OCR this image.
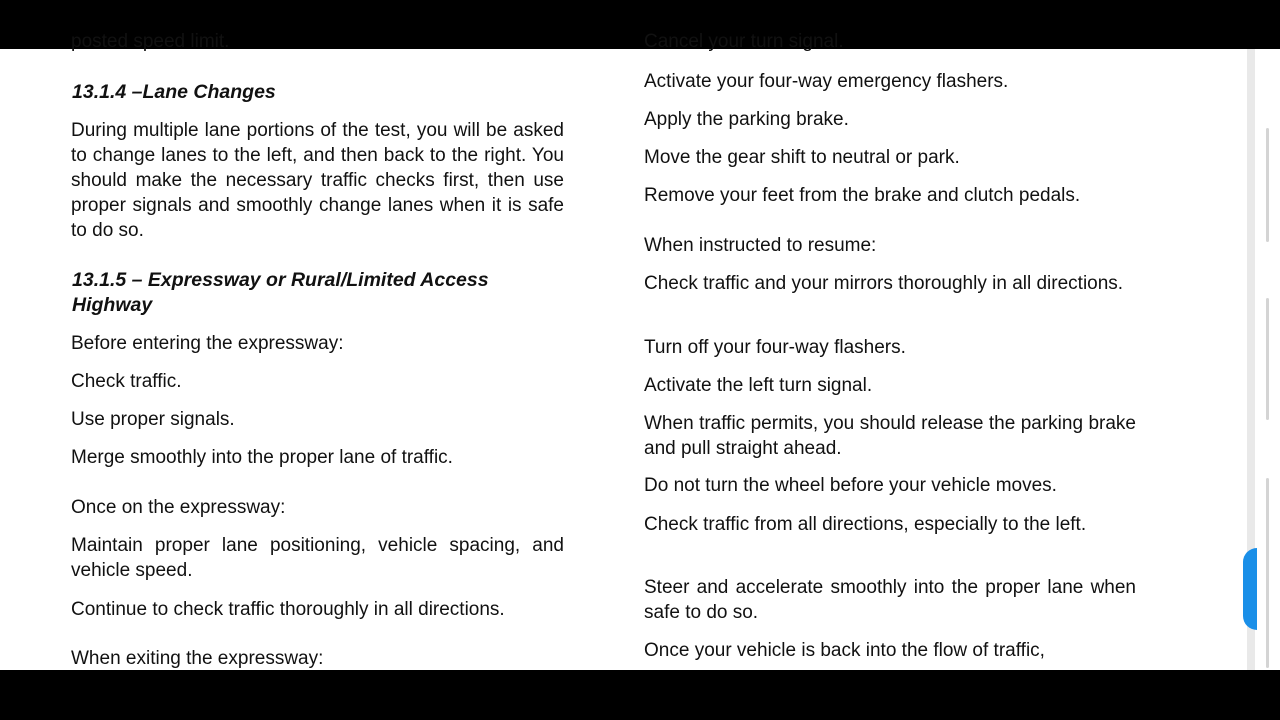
posted speed limit.
13.1.4 –Lane Changes
During multiple lane portions of the test, you will be asked to change lanes to the left, and then back to the right. You should make the necessary traffic checks first, then use proper signals and smoothly change lanes when it is safe to do so.
13.1.5 – Expressway or Rural/Limited Access Highway
Before entering the expressway:
Check traffic.
Use proper signals.
Merge smoothly into the proper lane of traffic.
Once on the expressway:
Maintain proper lane positioning, vehicle spacing, and vehicle speed.
Continue to check traffic thoroughly in all directions.
When exiting the expressway:
Cancel your turn signal.
Activate your four-way emergency flashers.
Apply the parking brake.
Move the gear shift to neutral or park.
Remove your feet from the brake and clutch pedals.
When instructed to resume:
Check traffic and your mirrors thoroughly in all directions.
Turn off your four-way flashers.
Activate the left turn signal.
When traffic permits, you should release the parking brake and pull straight ahead.
Do not turn the wheel before your vehicle moves.
Check traffic from all directions, especially to the left.
Steer and accelerate smoothly into the proper lane when safe to do so.
Once your vehicle is back into the flow of traffic,
